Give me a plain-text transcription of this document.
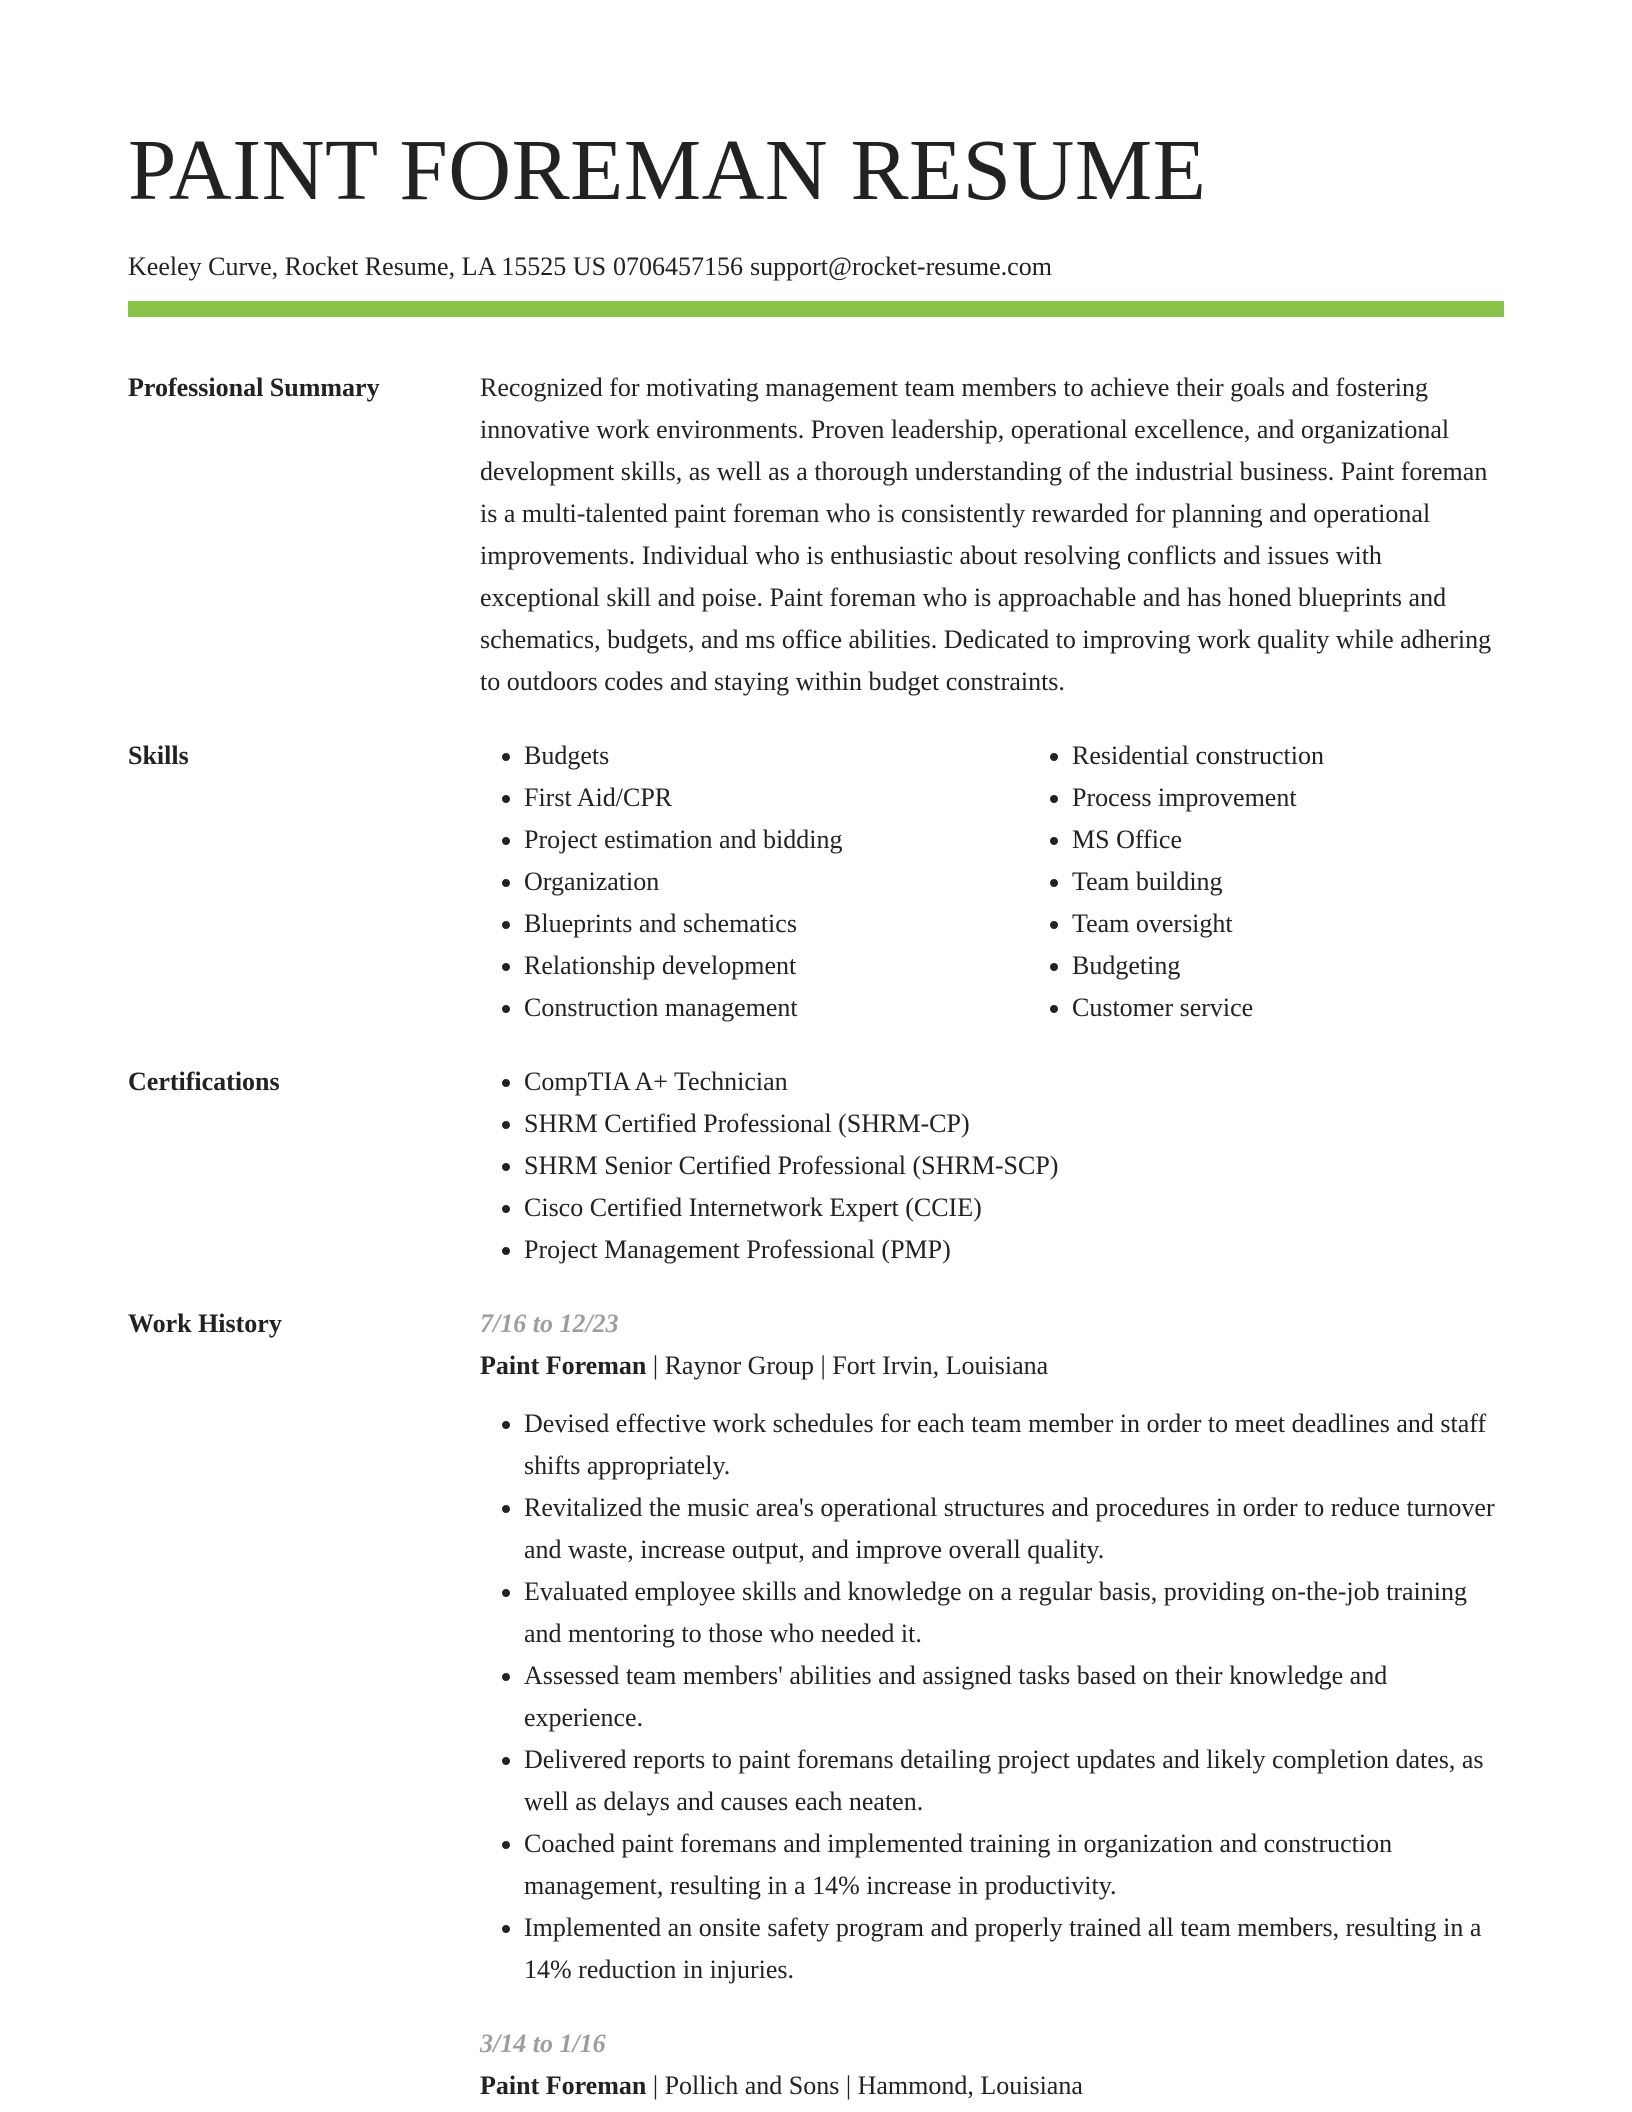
PAINT FOREMAN RESUME
Keeley Curve, Rocket Resume, LA 15525 US 0706457156 support@rocket-resume.com
Professional Summary	Recognized for motivating management team members to achieve their goals and fostering innovative work environments. Proven leadership, operational excellence, and organizational development skills, as well as a thorough understanding of the industrial business. Paint foreman is a multi-talented paint foreman who is consistently rewarded for planning and operational improvements. Individual who is enthusiastic about resolving conflicts and issues with exceptional skill and poise. Paint foreman who is approachable and has honed blueprints and schematics, budgets, and ms office abilities. Dedicated to improving work quality while adhering to outdoors codes and staying within budget constraints.
Skills	• Budgets
• First Aid/CPR
• Project estimation and bidding
• Organization
• Blueprints and schematics
• Relationship development
• Construction management
• Residential construction
• Process improvement
• MS Office
• Team building
• Team oversight
• Budgeting
• Customer service
Certifications	• CompTIA A+ Technician
• SHRM Certified Professional (SHRM-CP)
• SHRM Senior Certified Professional (SHRM-SCP)
• Cisco Certified Internetwork Expert (CCIE)
• Project Management Professional (PMP)
Work History	7/16 to 12/23
Paint Foreman | Raynor Group | Fort Irvin, Louisiana
• Devised effective work schedules for each team member in order to meet deadlines and staff shifts appropriately.
• Revitalized the music area's operational structures and procedures in order to reduce turnover and waste, increase output, and improve overall quality.
• Evaluated employee skills and knowledge on a regular basis, providing on-the-job training and mentoring to those who needed it.
• Assessed team members' abilities and assigned tasks based on their knowledge and experience.
• Delivered reports to paint foremans detailing project updates and likely completion dates, as well as delays and causes each neaten.
• Coached paint foremans and implemented training in organization and construction management, resulting in a 14% increase in productivity.
• Implemented an onsite safety program and properly trained all team members, resulting in a 14% reduction in injuries.
3/14 to 1/16
Paint Foreman | Pollich and Sons | Hammond, Louisiana
